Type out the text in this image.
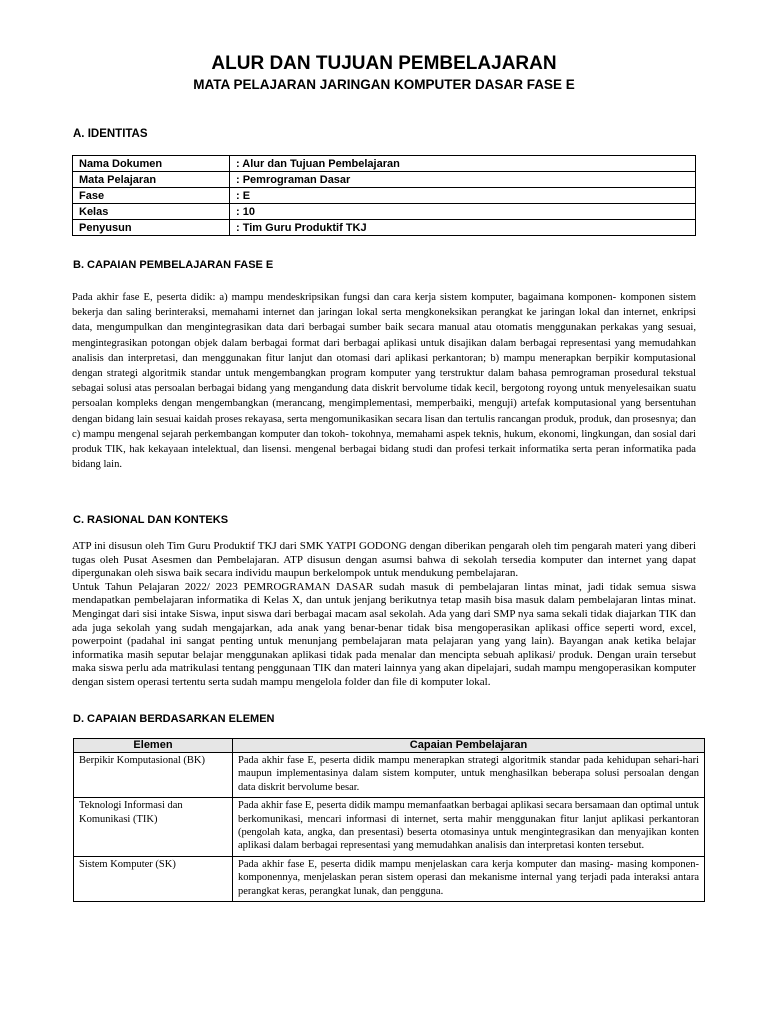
ALUR DAN TUJUAN PEMBELAJARAN
MATA PELAJARAN JARINGAN KOMPUTER DASAR FASE E
A. IDENTITAS
Nama Dokumen	: Alur dan Tujuan Pembelajaran
Mata Pelajaran	: Pemrograman Dasar
Fase	: E
Kelas	: 10
Penyusun	: Tim Guru Produktif TKJ
B. CAPAIAN PEMBELAJARAN FASE E

Pada akhir fase E, peserta didik: a) mampu mendeskripsikan fungsi dan cara kerja sistem komputer, bagaimana komponen- komponen sistem bekerja dan saling berinteraksi, memahami internet dan jaringan lokal serta mengkoneksikan perangkat ke jaringan lokal dan internet, enkripsi data, mengumpulkan dan mengintegrasikan data dari berbagai sumber baik secara manual atau otomatis menggunakan perkakas yang sesuai, mengintegrasikan potongan objek dalam berbagai format dari berbagai aplikasi untuk disajikan dalam berbagai representasi yang memudahkan analisis dan interpretasi, dan menggunakan fitur lanjut dan otomasi dari aplikasi perkantoran; b) mampu menerapkan berpikir komputasional dengan strategi algoritmik standar untuk mengembangkan program komputer yang terstruktur dalam bahasa pemrograman prosedural tekstual sebagai solusi atas persoalan berbagai bidang yang mengandung data diskrit bervolume tidak kecil, bergotong royong untuk menyelesaikan suatu persoalan kompleks dengan mengembangkan (merancang, mengimplementasi, memperbaiki, menguji) artefak komputasional yang bersentuhan dengan bidang lain sesuai kaidah proses rekayasa, serta mengomunikasikan secara lisan dan tertulis rancangan produk, produk, dan prosesnya; dan c) mampu mengenal sejarah perkembangan komputer dan tokoh- tokohnya, memahami aspek teknis, hukum, ekonomi, lingkungan, dan sosial dari produk TIK, hak kekayaan intelektual, dan lisensi. mengenal berbagai bidang studi dan profesi terkait informatika serta peran informatika pada bidang lain.

C. RASIONAL DAN KONTEKS

ATP ini disusun oleh Tim Guru Produktif TKJ dari SMK YATPI GODONG dengan diberikan pengarah oleh tim pengarah materi yang diberi tugas oleh Pusat Asesmen dan Pembelajaran. ATP disusun dengan asumsi bahwa di sekolah tersedia komputer dan internet yang dapat dipergunakan oleh siswa baik secara individu maupun berkelompok untuk mendukung pembelajaran.

Untuk Tahun Pelajaran 2022/ 2023 PEMROGRAMAN DASAR sudah masuk di pembelajaran lintas minat, jadi tidak semua siswa mendapatkan pembelajaran informatika di Kelas X, dan untuk jenjang berikutnya tetap masih bisa masuk dalam pembelajaran lintas minat. Mengingat dari sisi intake Siswa, input siswa dari berbagai macam asal sekolah. Ada yang dari SMP nya sama sekali tidak diajarkan TIK dan ada juga sekolah yang sudah mengajarkan, ada anak yang benar-benar tidak bisa mengoperasikan aplikasi office seperti word, excel, powerpoint (padahal ini sangat penting untuk menunjang pembelajaran mata pelajaran yang yang lain). Bayangan anak ketika belajar informatika masih seputar belajar menggunakan aplikasi tidak pada menalar dan mencipta sebuah aplikasi/ produk. Dengan urain tersebut maka siswa perlu ada matrikulasi tentang penggunaan TIK dan materi lainnya yang akan dipelajari, sudah mampu mengoperasikan komputer dengan sistem operasi tertentu serta sudah mampu mengelola folder dan file di komputer lokal.

D. CAPAIAN BERDASARKAN ELEMEN
Elemen	Capaian Pembelajaran
Berpikir Komputasional (BK)	Pada akhir fase E, peserta didik mampu menerapkan strategi algoritmik standar pada kehidupan sehari-hari maupun implementasinya dalam sistem komputer, untuk menghasilkan beberapa solusi persoalan dengan data diskrit bervolume besar.
Teknologi Informasi dan Komunikasi (TIK)	Pada akhir fase E, peserta didik mampu memanfaatkan berbagai aplikasi secara bersamaan dan optimal untuk berkomunikasi, mencari informasi di internet, serta mahir menggunakan fitur lanjut aplikasi perkantoran (pengolah kata, angka, dan presentasi) beserta otomasinya untuk mengintegrasikan dan menyajikan konten aplikasi dalam berbagai representasi yang memudahkan analisis dan interpretasi konten tersebut.
Sistem Komputer (SK)	Pada akhir fase E, peserta didik mampu menjelaskan cara kerja komputer dan masing- masing komponen-komponennya, menjelaskan peran sistem operasi dan mekanisme internal yang terjadi pada interaksi antara perangkat keras, perangkat lunak, dan pengguna.
